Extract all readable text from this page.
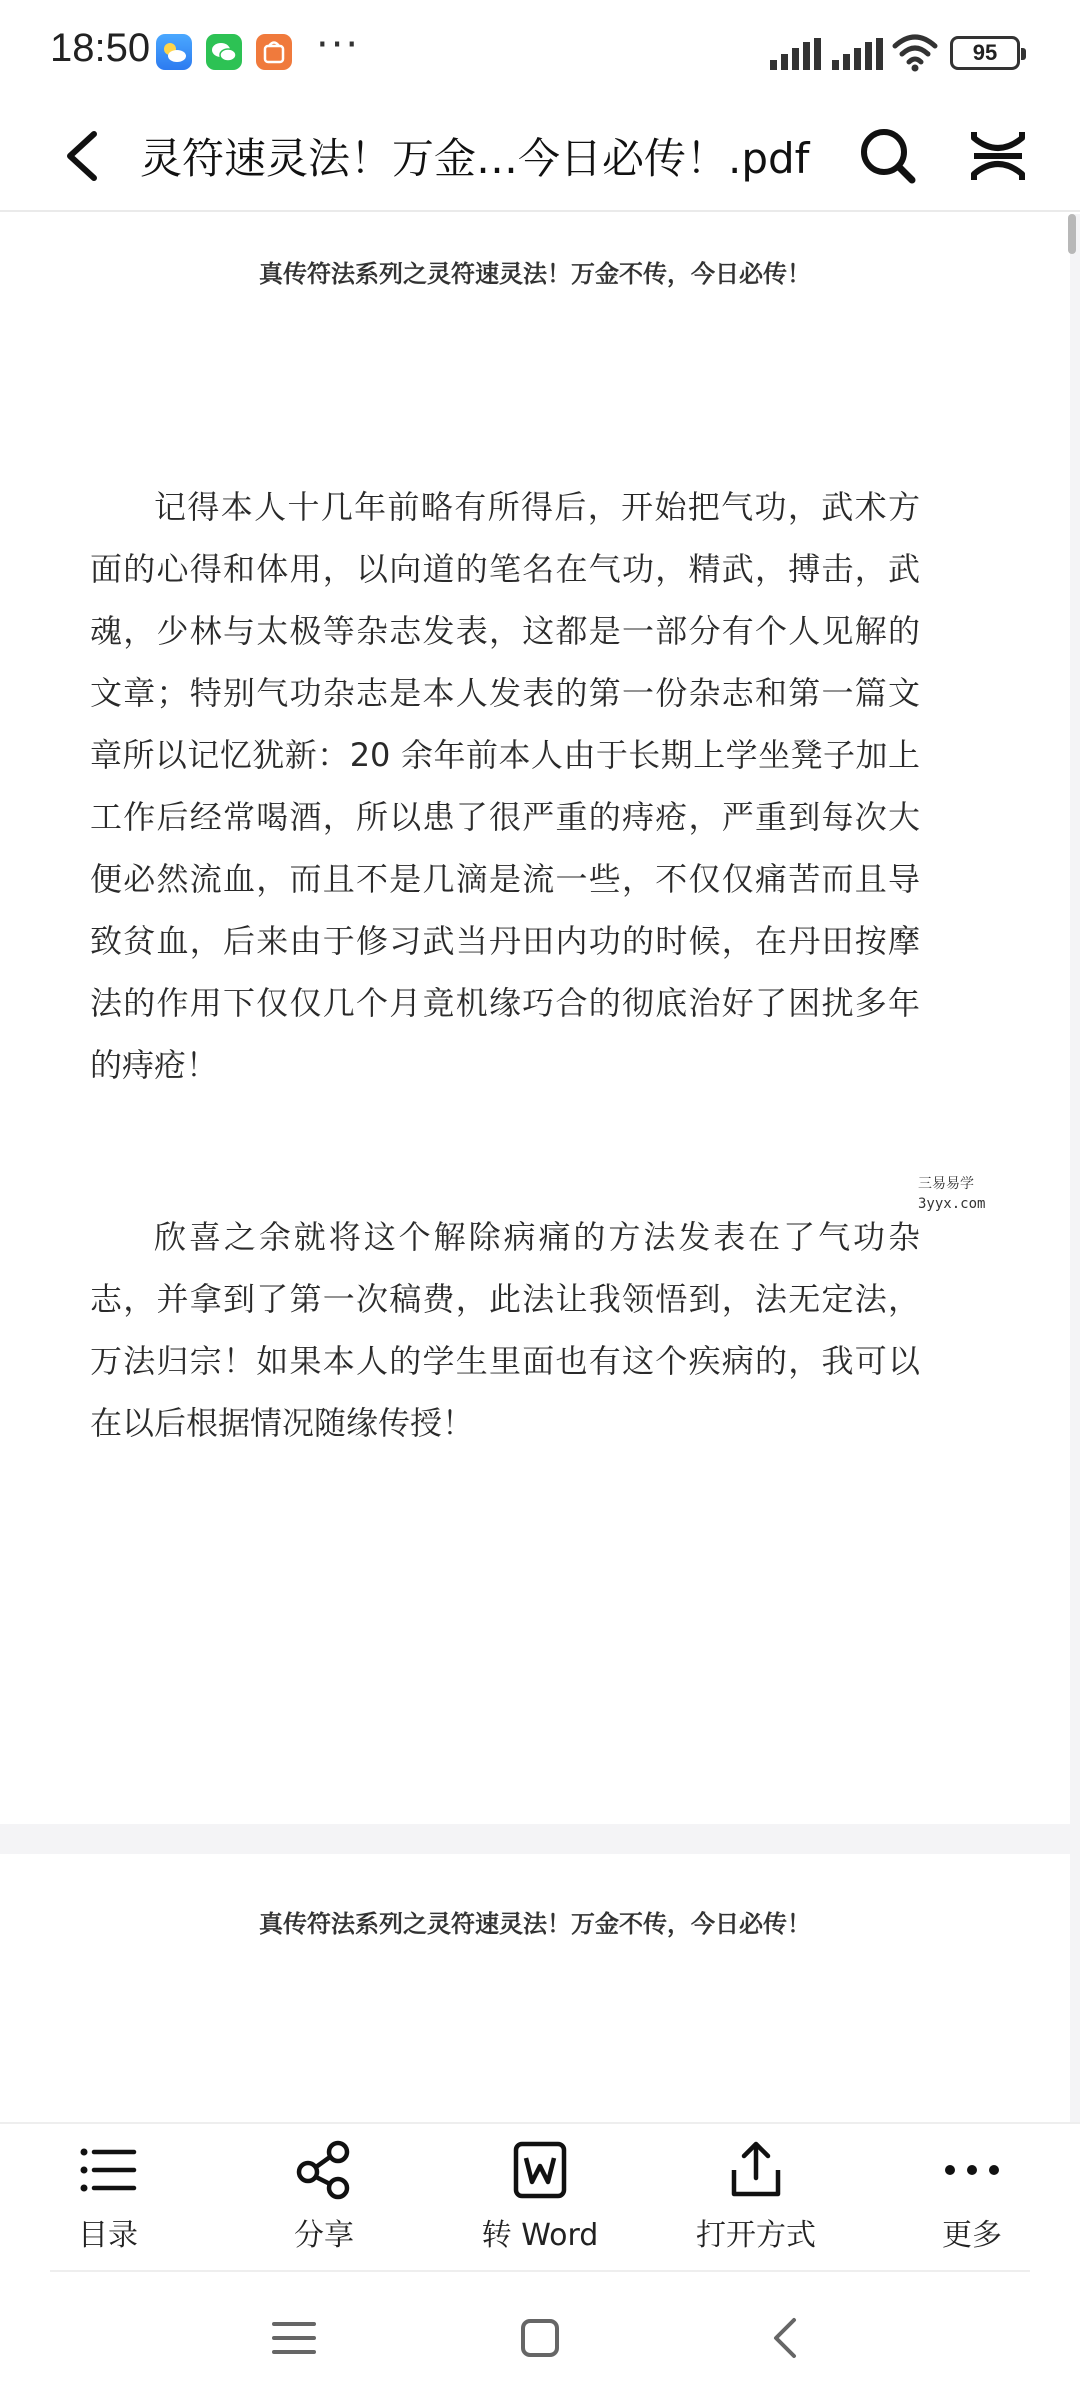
18:50	···	95
灵符速灵法！万金…今日必传！.pdf
真传符法系列之灵符速灵法！万金不传，今日必传！
记得本人十几年前略有所得后，开始把气功，武术方面的心得和体用，以向道的笔名在气功，精武，搏击，武魂，少林与太极等杂志发表，这都是一部分有个人见解的文章；特别气功杂志是本人发表的第一份杂志和第一篇文章所以记忆犹新：20 余年前本人由于长期上学坐凳子加上工作后经常喝酒，所以患了很严重的痔疮，严重到每次大便必然流血，而且不是几滴是流一些，不仅仅痛苦而且导致贫血，后来由于修习武当丹田内功的时候，在丹田按摩法的作用下仅仅几个月竟机缘巧合的彻底治好了困扰多年的痔疮！
欣喜之余就将这个解除病痛的方法发表在了气功杂志，并拿到了第一次稿费，此法让我领悟到，法无定法，万法归宗！如果本人的学生里面也有这个疾病的，我可以在以后根据情况随缘传授！
三易易学
3yyx.com
真传符法系列之灵符速灵法！万金不传，今日必传！
目录	分享	转 Word	打开方式	更多
